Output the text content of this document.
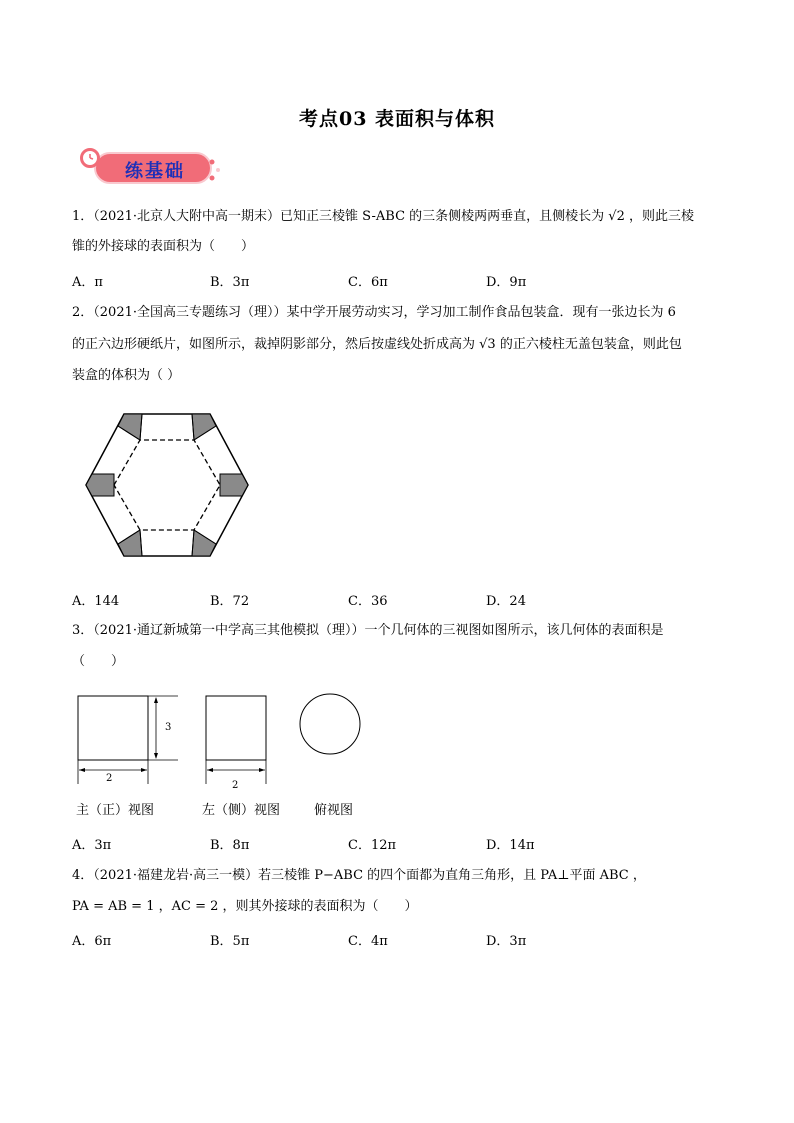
考点03 表面积与体积
练基础
1．（2021·北京人大附中高一期末）已知正三棱锥 S-ABC 的三条侧棱两两垂直，且侧棱长为 √2 ，则此三棱
锥的外接球的表面积为（　　）
A．π	B．3π	C．6π	D．9π
2．（2021·全国高三专题练习（理））某中学开展劳动实习，学习加工制作食品包装盒．现有一张边长为 6
的正六边形硬纸片，如图所示，裁掉阴影部分，然后按虚线处折成高为 √3 的正六棱柱无盖包装盒，则此包
装盒的体积为（ ）
A．144	B．72	C．36	D．24
3．（2021·通辽新城第一中学高三其他模拟（理））一个几何体的三视图如图所示，该几何体的表面积是
（　　）
3
2
2
主（正）视图	左（侧）视图	俯视图
A．3π	B．8π	C．12π	D．14π
4．（2021·福建龙岩·高三一模）若三棱锥 P−ABC 的四个面都为直角三角形，且 PA⊥平面 ABC ，
PA = AB = 1 ，AC = 2 ，则其外接球的表面积为（　　）
A．6π	B．5π	C．4π	D．3π
